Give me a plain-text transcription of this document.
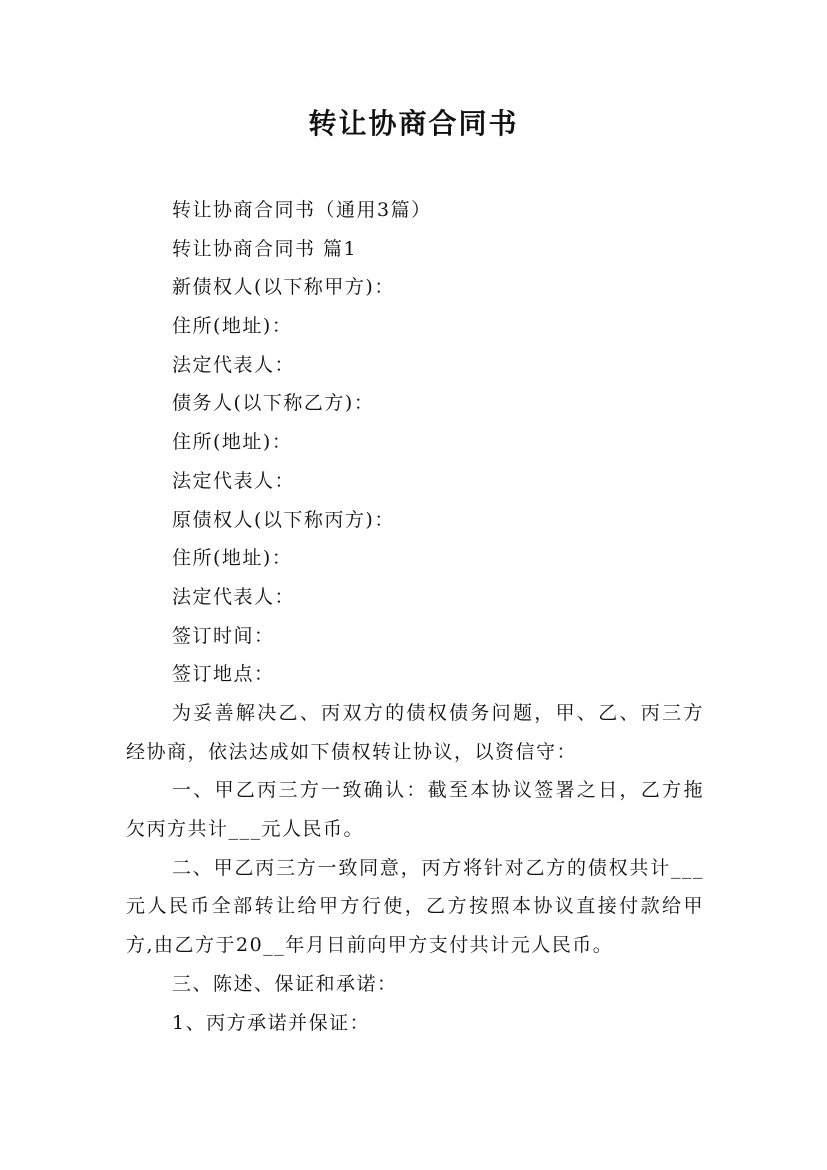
转让协商合同书
转让协商合同书（通用3篇）
转让协商合同书 篇1
新债权人(以下称甲方)：
住所(地址)：
法定代表人：
债务人(以下称乙方)：
住所(地址)：
法定代表人：
原债权人(以下称丙方)：
住所(地址)：
法定代表人：
签订时间：
签订地点：

为妥善解决乙、丙双方的债权债务问题，甲、乙、丙三方经协商，依法达成如下债权转让协议，以资信守：

一、甲乙丙三方一致确认：截至本协议签署之日，乙方拖欠丙方共计___元人民币。

二、甲乙丙三方一致同意，丙方将针对乙方的债权共计___元人民币全部转让给甲方行使，乙方按照本协议直接付款给甲方,由乙方于20__年月日前向甲方支付共计元人民币。

三、陈述、保证和承诺：

1、丙方承诺并保证：
